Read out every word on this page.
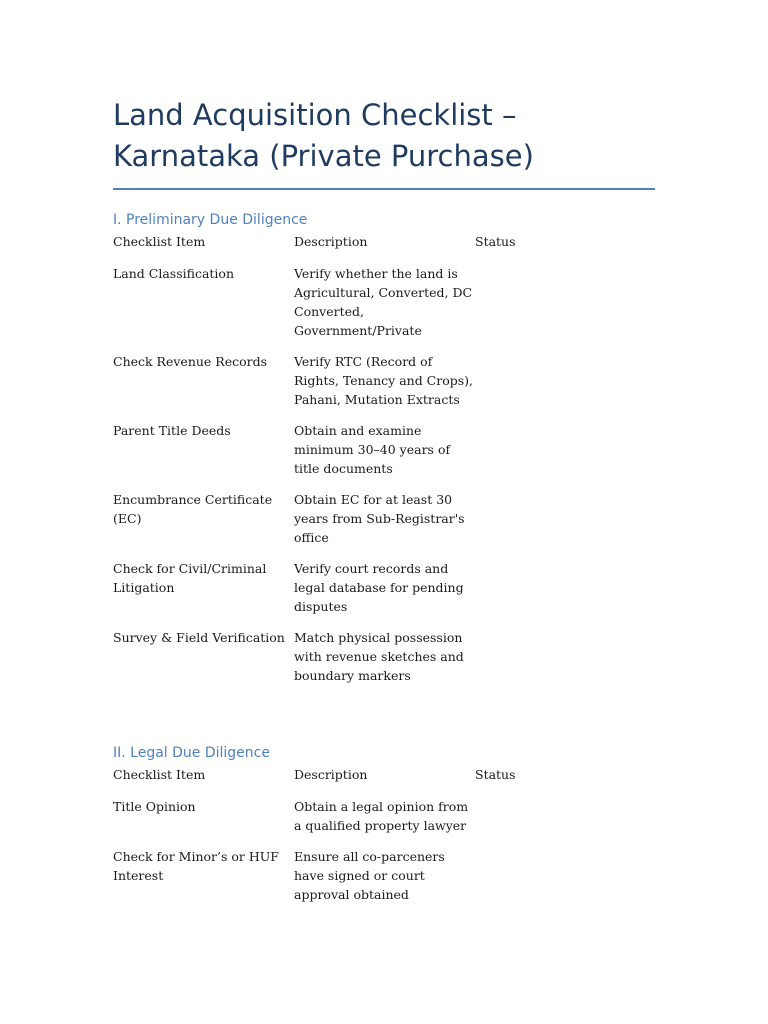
Land Acquisition Checklist – Karnataka (Private Purchase)
I. Preliminary Due Diligence
Checklist Item	Description	Status
Land Classification	Verify whether the land is Agricultural, Converted, DC Converted, Government/Private	
Check Revenue Records	Verify RTC (Record of Rights, Tenancy and Crops), Pahani, Mutation Extracts	
Parent Title Deeds	Obtain and examine minimum 30–40 years of title documents	
Encumbrance Certificate (EC)	Obtain EC for at least 30 years from Sub-Registrar's office	
Check for Civil/Criminal Litigation	Verify court records and legal database for pending disputes	
Survey & Field Verification	Match physical possession with revenue sketches and boundary markers	
II. Legal Due Diligence
Checklist Item	Description	Status
Title Opinion	Obtain a legal opinion from a qualified property lawyer	
Check for Minor’s or HUF Interest	Ensure all co-parceners have signed or court approval obtained	
